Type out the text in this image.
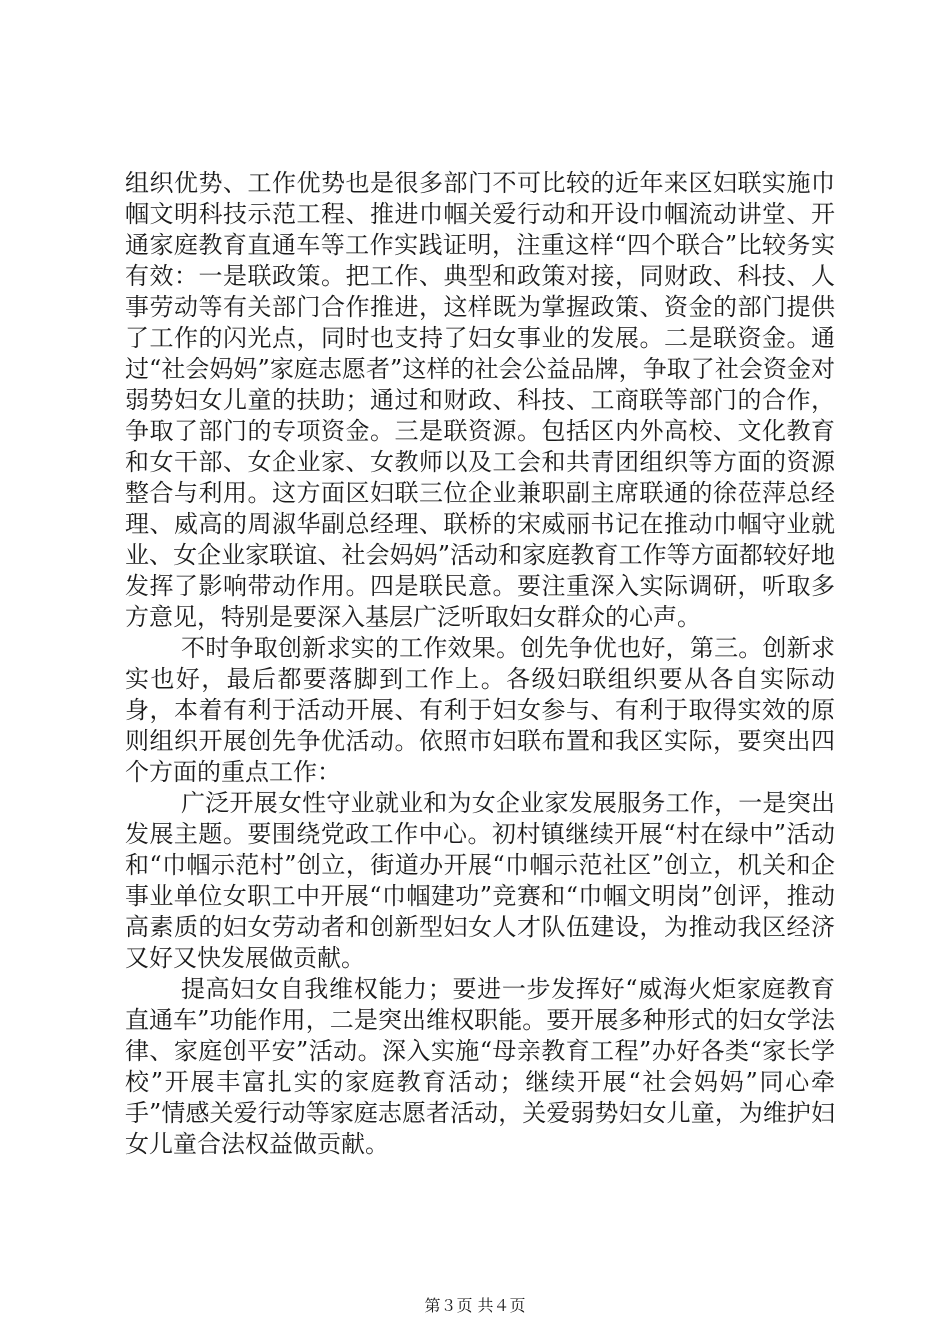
组织优势、工作优势也是很多部门不可比较的近年来区妇联实施巾帼文明科技示范工程、推进巾帼关爱行动和开设巾帼流动讲堂、开通家庭教育直通车等工作实践证明，注重这样“四个联合”比较务实有效：一是联政策。把工作、典型和政策对接，同财政、科技、人事劳动等有关部门合作推进，这样既为掌握政策、资金的部门提供了工作的闪光点，同时也支持了妇女事业的发展。二是联资金。通过“社会妈妈”家庭志愿者”这样的社会公益品牌，争取了社会资金对弱势妇女儿童的扶助；通过和财政、科技、工商联等部门的合作，争取了部门的专项资金。三是联资源。包括区内外高校、文化教育和女干部、女企业家、女教师以及工会和共青团组织等方面的资源整合与利用。这方面区妇联三位企业兼职副主席联通的徐莅萍总经理、威高的周淑华副总经理、联桥的宋威丽书记在推动巾帼守业就业、女企业家联谊、社会妈妈”活动和家庭教育工作等方面都较好地发挥了影响带动作用。四是联民意。要注重深入实际调研，听取多方意见，特别是要深入基层广泛听取妇女群众的心声。

不时争取创新求实的工作效果。创先争优也好，第三。创新求实也好，最后都要落脚到工作上。各级妇联组织要从各自实际动身，本着有利于活动开展、有利于妇女参与、有利于取得实效的原则组织开展创先争优活动。依照市妇联布置和我区实际，要突出四个方面的重点工作：

广泛开展女性守业就业和为女企业家发展服务工作，一是突出发展主题。要围绕党政工作中心。初村镇继续开展“村在绿中”活动和“巾帼示范村”创立，街道办开展“巾帼示范社区”创立，机关和企事业单位女职工中开展“巾帼建功”竞赛和“巾帼文明岗”创评，推动高素质的妇女劳动者和创新型妇女人才队伍建设，为推动我区经济又好又快发展做贡献。

提高妇女自我维权能力；要进一步发挥好“威海火炬家庭教育直通车”功能作用，二是突出维权职能。要开展多种形式的妇女学法律、家庭创平安”活动。深入实施“母亲教育工程”办好各类“家长学校”开展丰富扎实的家庭教育活动；继续开展“社会妈妈”同心牵手”情感关爱行动等家庭志愿者活动，关爱弱势妇女儿童，为维护妇女儿童合法权益做贡献。

第３页 共４页
